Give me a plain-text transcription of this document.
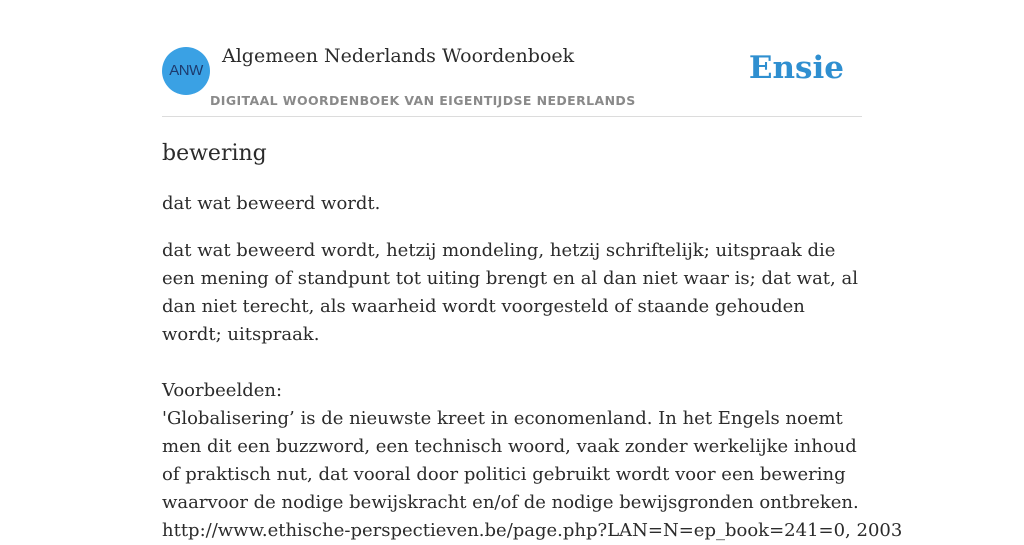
ANW
Algemeen Nederlands Woordenboek
DIGITAAL WOORDENBOEK VAN EIGENTIJDSE NEDERLANDS
Ensie
bewering

dat wat beweerd wordt.

dat wat beweerd wordt, hetzij mondeling, hetzij schriftelijk; uitspraak die een mening of standpunt tot uiting brengt en al dan niet waar is; dat wat, al dan niet terecht, als waarheid wordt voorgesteld of staande gehouden wordt; uitspraak.

Voorbeelden:

'Globalisering’ is de nieuwste kreet in economenland. In het Engels noemt men dit een buzzword, een technisch woord, vaak zonder werkelijke inhoud of praktisch nut, dat vooral door politici gebruikt wordt voor een bewering waarvoor de nodige bewijskracht en/of de nodige bewijsgronden ontbreken.

http://www.ethische-perspectieven.be/page.php?LAN=N=ep_book=241=0, 2003
